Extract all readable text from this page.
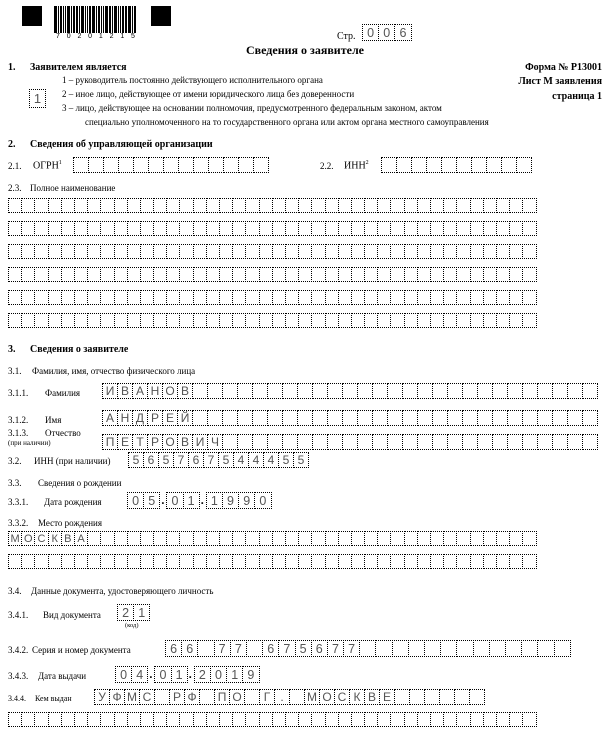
7 0 2 0 1 2 1 5	Стр. 0 0 6
Сведения о заявителе
1. Заявителем является	Форма № Р13001
Лист М заявления
страница 1
1
1 – руководитель постоянно действующего исполнительного органа
2 – иное лицо, действующее от имени юридического лица без доверенности
3 – лицо, действующее на основании полномочия, предусмотренного федеральным законом, актом
специально уполномоченного на то государственного органа или актом органа местного самоуправления
2. Сведения об управляющей организации
2.1. ОГРН$^1$	2.2. ИНН$^2$
2.3. Полное наименование
3. Сведения о заявителе
3.1. Фамилия, имя, отчество физического лица
3.1.1. Фамилия	И В А Н О В
3.1.2. Имя	А Н Д Р Е Й
3.1.3. Отчество
(при наличии)	П Е Т Р О В И Ч
3.2. ИНН (при наличии)	5 6 5 7 6 7 5 4 4 4 5 5
3.3. Сведения о рождении
3.3.1. Дата рождения	0 5 . 0 1 . 1 9 9 0
3.3.2. Место рождения
М О С К В А
3.4. Данные документа, удостоверяющего личность
3.4.1. Вид документа	2 1
(код)
3.4.2. Серия и номер документа	6 6	7 7	6 7 5 6 7 7
3.4.3. Дата выдачи	0 4 . 0 1 . 2 0 1 9
3.4.4. Кем выдан	У Ф М С	Р Ф	П О	Г .	М О С К В Е
